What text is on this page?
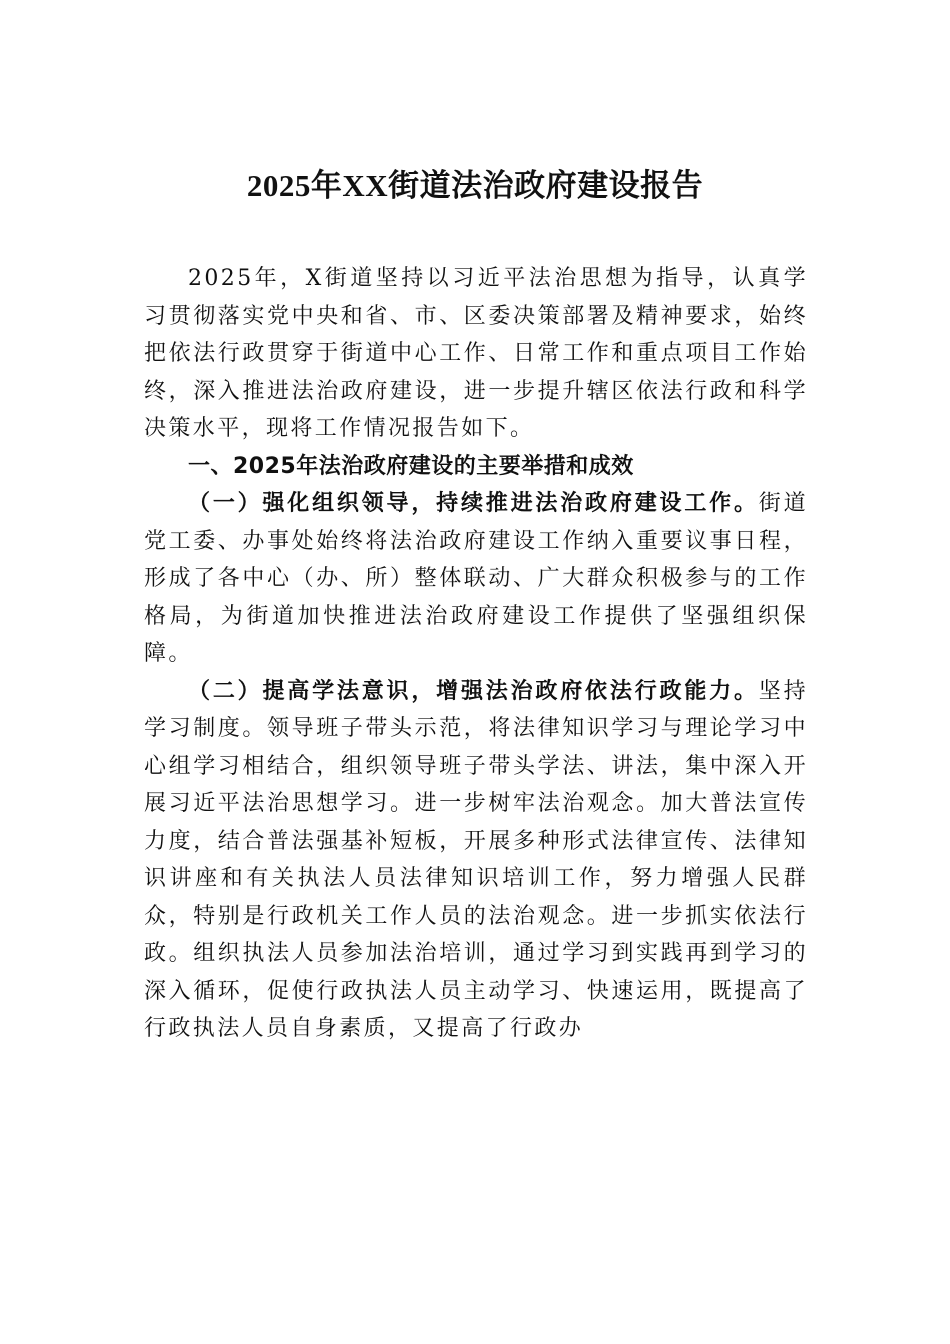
2025年XX街道法治政府建设报告

2025年，X街道坚持以习近平法治思想为指导，认真学习贯彻落实党中央和省、市、区委决策部署及精神要求，始终把依法行政贯穿于街道中心工作、日常工作和重点项目工作始终，深入推进法治政府建设，进一步提升辖区依法行政和科学决策水平，现将工作情况报告如下。

一、2025年法治政府建设的主要举措和成效

（一）强化组织领导，持续推进法治政府建设工作。街道党工委、办事处始终将法治政府建设工作纳入重要议事日程，形成了各中心（办、所）整体联动、广大群众积极参与的工作格局，为街道加快推进法治政府建设工作提供了坚强组织保障。

（二）提高学法意识，增强法治政府依法行政能力。坚持学习制度。领导班子带头示范，将法律知识学习与理论学习中心组学习相结合，组织领导班子带头学法、讲法，集中深入开展习近平法治思想学习。进一步树牢法治观念。加大普法宣传力度，结合普法强基补短板，开展多种形式法律宣传、法律知识讲座和有关执法人员法律知识培训工作，努力增强人民群众，特别是行政机关工作人员的法治观念。进一步抓实依法行政。组织执法人员参加法治培训，通过学习到实践再到学习的深入循环，促使行政执法人员主动学习、快速运用，既提高了行政执法人员自身素质，又提高了行政办
